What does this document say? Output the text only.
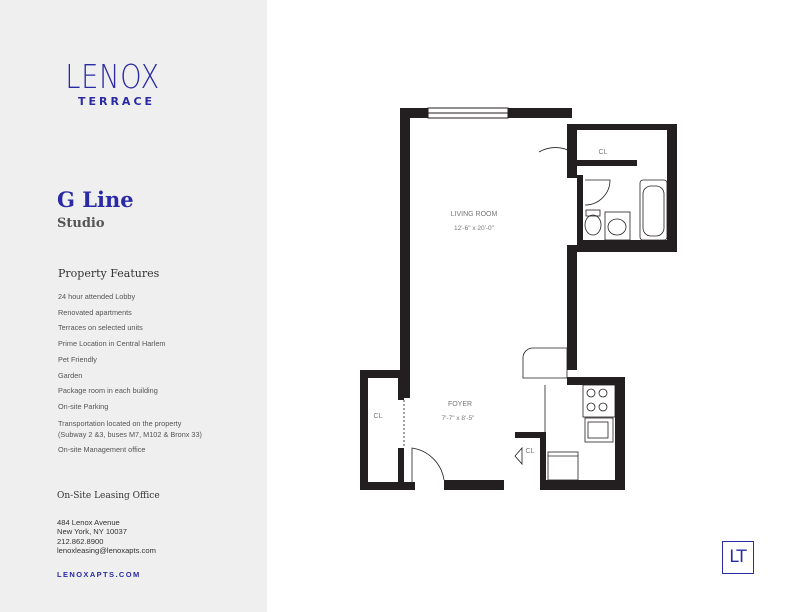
LENOX
TERRACE
G Line
Studio
Property Features
24 hour attended Lobby
Renovated apartments
Terraces on selected units
Prime Location in Central Harlem
Pet Friendly
Garden
Package room in each building
On-site Parking
Transportation located on the property
(Subway 2 &3, buses M7, M102 & Bronx 33)
On-site Management office
On-Site Leasing Office
484 Lenox Avenue
New York, NY 10037
212.862.8900
lenoxleasing@lenoxapts.com
LENOXAPTS.COM
LIVING ROOM
12'-6" x 20'-0"
FOYER
7'-7" x 8'-5"
CL
CL
CL
LT
